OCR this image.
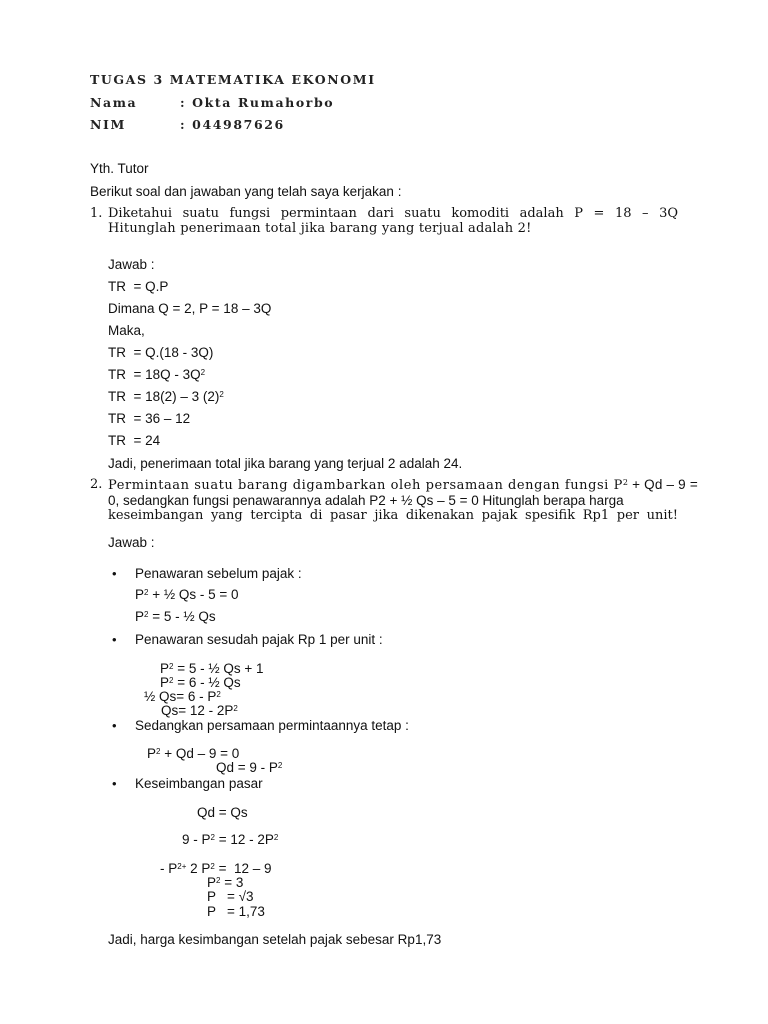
TUGAS 3 MATEMATIKA EKONOMI
Nama	: Okta Rumahorbo
NIM	: 044987626
Yth. Tutor
Berikut soal dan jawaban yang telah saya kerjakan :
1. Diketahui suatu fungsi permintaan dari suatu komoditi adalah P = 18 – 3Q
Hitunglah penerimaan total jika barang yang terjual adalah 2!
Jawab :
TR  = Q.P
Dimana Q = 2, P = 18 – 3Q
Maka,
TR  = Q.(18 - 3Q)
TR  = $18Q - 3Q^2$
TR  = 18(2) – 3 $(2)^2$
TR  = 36 – 12
TR  = 24
Jadi, penerimaan total jika barang yang terjual 2 adalah 24.
2. Permintaan suatu barang digambarkan oleh persamaan dengan fungsi $P^2 + Qd - 9$ =
0, sedangkan fungsi penawarannya adalah P2 + ½ Qs – 5 = 0 Hitunglah berapa harga
keseimbangan yang tercipta di pasar jika dikenakan pajak spesifik Rp1 per unit!
Jawab :
• Penawaran sebelum pajak :
$P^2$ + ½ Qs - 5 = 0
$P^2 = 5$ - ½ Qs
• Penawaran sesudah pajak Rp 1 per unit :
$P^2 = 5$ - ½ Qs + 1
$P^2 = 6$ - ½ Qs
½ $Qs= 6 - P^2$
$Qs= 12 - 2P^2$
• Sedangkan persamaan permintaannya tetap :
$P^2 + Qd - 9 = 0$
$Qd = 9 - P^2$
• Keseimbangan pasar
Qd = Qs
$9 - P^2 = 12 - 2P^2$
- $P^{2+}$ 2 $P^2 = 12 - 9$
$P^2 = 3$
P   = √3
P   = 1,73
Jadi, harga kesimbangan setelah pajak sebesar Rp1,73
